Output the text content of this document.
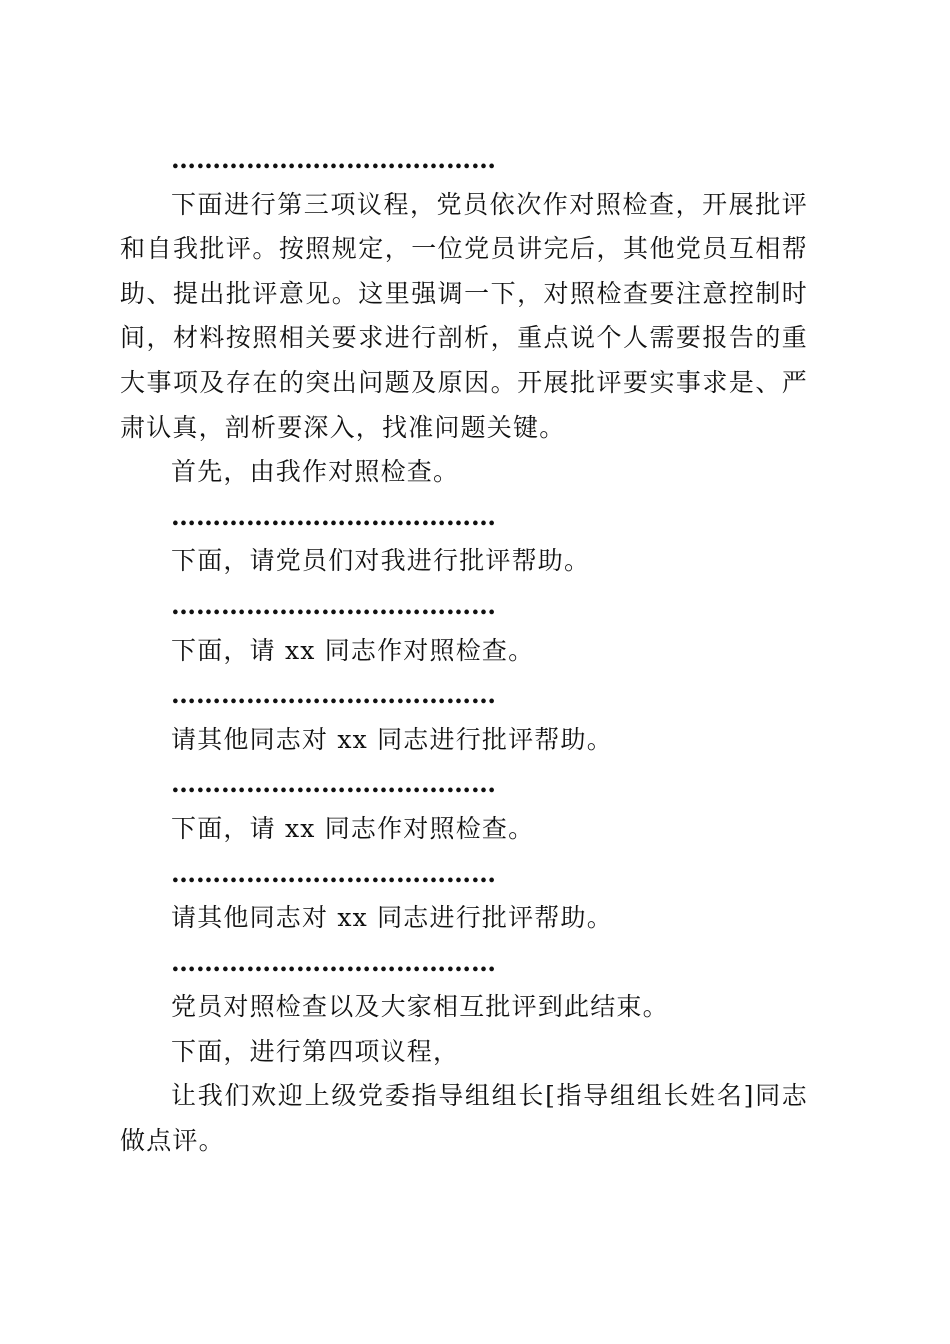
…………………………………

下面进行第三项议程，党员依次作对照检查，开展批评和自我批评。按照规定，一位党员讲完后，其他党员互相帮助、提出批评意见。这里强调一下，对照检查要注意控制时间，材料按照相关要求进行剖析，重点说个人需要报告的重大事项及存在的突出问题及原因。开展批评要实事求是、严肃认真，剖析要深入，找准问题关键。

首先，由我作对照检查。

…………………………………

下面，请党员们对我进行批评帮助。

…………………………………

下面，请 xx 同志作对照检查。

…………………………………

请其他同志对 xx 同志进行批评帮助。

…………………………………

下面，请 xx 同志作对照检查。

…………………………………

请其他同志对 xx 同志进行批评帮助。

…………………………………

党员对照检查以及大家相互批评到此结束。

下面，进行第四项议程，

让我们欢迎上级党委指导组组长[指导组组长姓名]同志做点评。
